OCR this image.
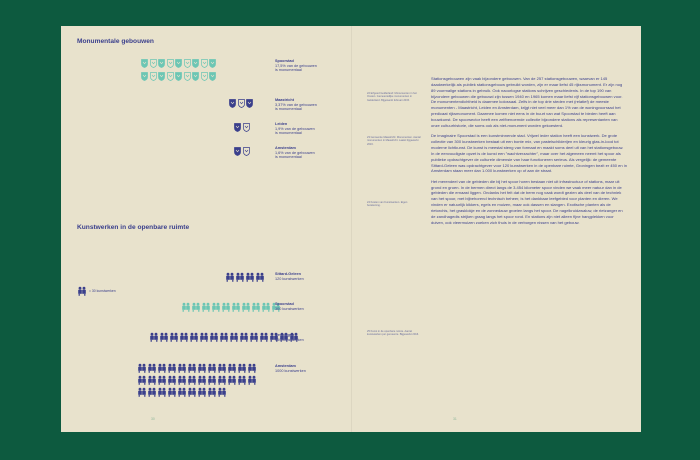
Monumentale gebouwen
Spoorstad
17,5% van de gebouwen
is monumentaal
Maastricht
3,37% van de gebouwen
is monumentaal
Leiden
1,9% van de gebouwen
is monumentaal
Amsterdam
1,6% van de gebouwen
is monumentaal
Kunstwerken in de openbare ruimte
= 30 kunstwerken
Sittard-Geleen
120 kunstwerken
Spoorstad
300 kunstwerken
Groningen
450 kunstwerken
Amsterdam
1000 kunstwerken
22 Erfgoed Gelderland: Monumenten in het Oosten. Gemeentelijke monumenten in Gelderland. Bijgewerkt februari 2015.
23 Gemeente Maastricht: Monumenten. Aantal monumenten in Maastricht. Laatst bijgewerkt 2016.
24 Kosten van Kunstwerken. Eigen berekening.
25 Kunst in de openbare ruimte. Aantal kunstwerken per gemeente. Bijgewerkt 2016.

Stationsgebouwen zijn vaak bijzondere gebouwen. Van de 257 stationsgebouwen, waarvan er 145 daadwerkelijk als publiek stationsgebouw gebruikt worden, zijn er maar liefst 45 rijksmonument. Er zijn nog 89 voormalige stations in gebruik. Ook naoorlogse stations schrijven geschiedenis. In de top 190 van bijzondere gebouwen die gebouwd zijn tussen 1940 en 1965 komen maar liefst vijf stationsgebouwen voor. De monumentendichtheid is daarmee kolossaal. Zelfs in de top drie steden met (relatief) de meeste monumenten - Maastricht, Leiden en Amsterdam, krijgt niet veel meer dan 1% van de woningvoorraad het predicaat rijksmonument. Daarmee komen niet eens in de buurt van wat Spoorstad te bieden heeft aan bouwkunst. De spoorsector heeft een zelfbenoemde collectie bijzondere stations als representanten van onze cultuurhistorie, die soms ook als niet-monument worden gekoesterd.

De imaginaire Spoorstad is een kunstminnende stad. Vrijwel ieder station heeft een kunstwerk. De grote collectie van 300 kunstwerken bestaat uit een bonte mix, van pastelschilderijen en kleurig glas-in-lood tot moderne lichtkunst. De kunst is meestal steng van formaat en maakt soms deel uit van het stationsgebouw. In de eenvoudigste opzet is de kunst een "wachtverzachter", maar over het algemeen neemt het spoor als publieke opdrachtgever de culturele dimensie van haar functioneren serieus. Als vergelijk: de gemeente Sittard-Geleen was opdrachtgever voor 120 kunstwerken in de openbare ruimte, Groningen bezit er 450 en in Amsterdam staan meer dan 1.000 kunstwerken op of aan de straat.

Het merendeel van de gebieden die bij het spoor horen bestaan niet uit infrastructuur of stations, maar uit grond en groen. In de bermen direct langs de 3.454 kilometer spoor vinden we vaak meer natuur dan in de gebieden die ernaast liggen. Ondanks het feit dat de berm nog vaak wordt gezien als deel van de techniek van het spoor, met bijbehorend technisch beheer, is het dankbaar leefgebied voor planten en dieren. We vinden er natuurlijk kikkers, egels en muizen, maar ook dassen en slangen. Exotische planten als de rietorchis, het grasklokje en de zonnedauw groeien langs het spoor. De nagelkruidzwaluw, de rietzanger en de zandhagedis strijken graag langs het spoor rond. En stations zijn niet alleen fijne hangplekken voor duiven, ook vleermuizen zoeken zich thuis in de verborgen nissen van het gebouw.

30	31
